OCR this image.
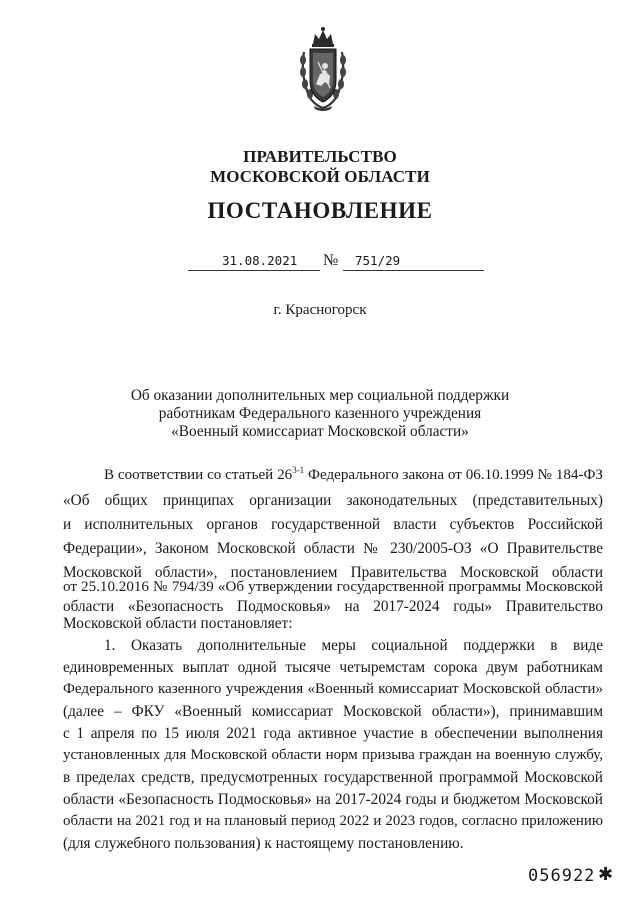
ПРАВИТЕЛЬСТВО
МОСКОВСКОЙ ОБЛАСТИ
ПОСТАНОВЛЕНИЕ
31.08.2021 № 751/29
г. Красногорск
Об оказании дополнительных мер социальной поддержки
работникам Федерального казенного учреждения
«Военный комиссариат Московской области»
В соответствии со статьей 26$^{3-1}$ Федерального закона от 06.10.1999 № 184-ФЗ
«Об общих принципах организации законодательных (представительных)
и исполнительных органов государственной власти субъектов Российской
Федерации», Законом Московской области № 230/2005-ОЗ «О Правительстве
Московской области», постановлением Правительства Московской области
от 25.10.2016 № 794/39 «Об утверждении государственной программы Московской
области «Безопасность Подмосковья» на 2017-2024 годы» Правительство
Московской области постановляет:
1. Оказать дополнительные меры социальной поддержки в виде
единовременных выплат одной тысяче четыремстам сорока двум работникам
Федерального казенного учреждения «Военный комиссариат Московской области»
(далее – ФКУ «Военный комиссариат Московской области»), принимавшим
с 1 апреля по 15 июля 2021 года активное участие в обеспечении выполнения
установленных для Московской области норм призыва граждан на военную службу,
в пределах средств, предусмотренных государственной программой Московской
области «Безопасность Подмосковья» на 2017-2024 годы и бюджетом Московской
области на 2021 год и на плановый период 2022 и 2023 годов, согласно приложению
(для служебного пользования) к настоящему постановлению.
056922 ✱
